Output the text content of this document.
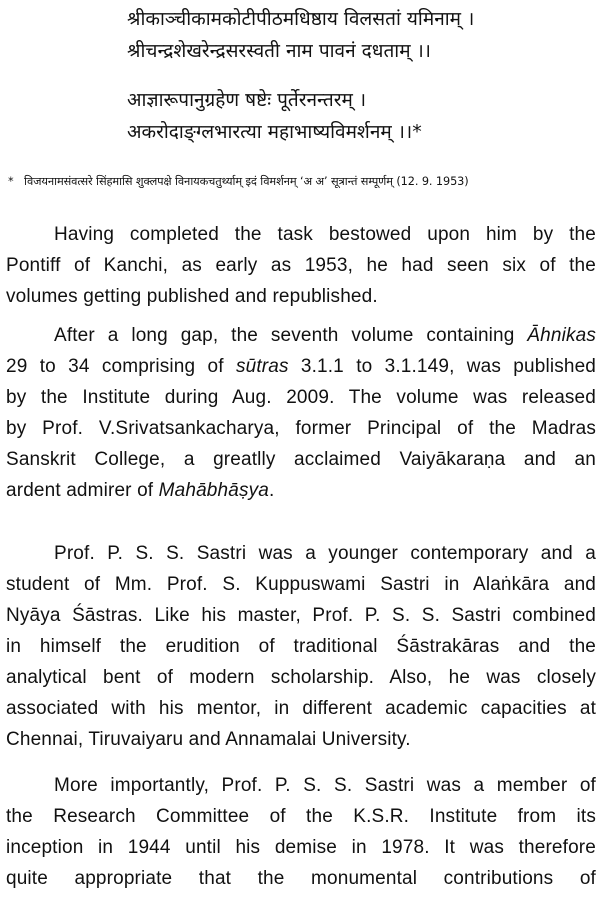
श्रीकाञ्चीकामकोटीपीठमधिष्ठाय विलसतां यमिनाम् ।
श्रीचन्द्रशेखरेन्द्रसरस्वती नाम पावनं दधताम् ।।
आज्ञारूपानुग्रहेण षष्टेः पूर्तेरनन्तरम् ।
अकरोदाङ्ग्लभारत्या महाभाष्यविमर्शनम् ।।*
* विजयनामसंवत्सरे सिंहमासि शुक्लपक्षे विनायकचतुर्थ्याम् इदं विमर्शनम् ‘अ अ’ सूत्रान्तं सम्पूर्णम् (12. 9. 1953)
Having completed the task bestowed upon him by the
Pontiff of Kanchi, as early as 1953, he had seen six of the
volumes getting published and republished.
After a long gap, the seventh volume containing Āhnikas
29 to 34 comprising of sūtras 3.1.1 to 3.1.149, was published
by the Institute during Aug. 2009. The volume was released
by Prof. V.Srivatsankacharya, former Principal of the Madras
Sanskrit College, a greatlly acclaimed Vaiyākaraṇa and an
ardent admirer of Mahābhāṣya.
Prof. P. S. S. Sastri was a younger contemporary and a
student of Mm. Prof. S. Kuppuswami Sastri in Alaṅkāra and
Nyāya Śāstras. Like his master, Prof. P. S. S. Sastri combined
in himself the erudition of traditional Śāstrakāras and the
analytical bent of modern scholarship. Also, he was closely
associated with his mentor, in different academic capacities at
Chennai, Tiruvaiyaru and Annamalai University.
More importantly, Prof. P. S. S. Sastri was a member of
the Research Committee of the K.S.R. Institute from its
inception in 1944 until his demise in 1978. It was therefore
quite appropriate that the monumental contributions of
